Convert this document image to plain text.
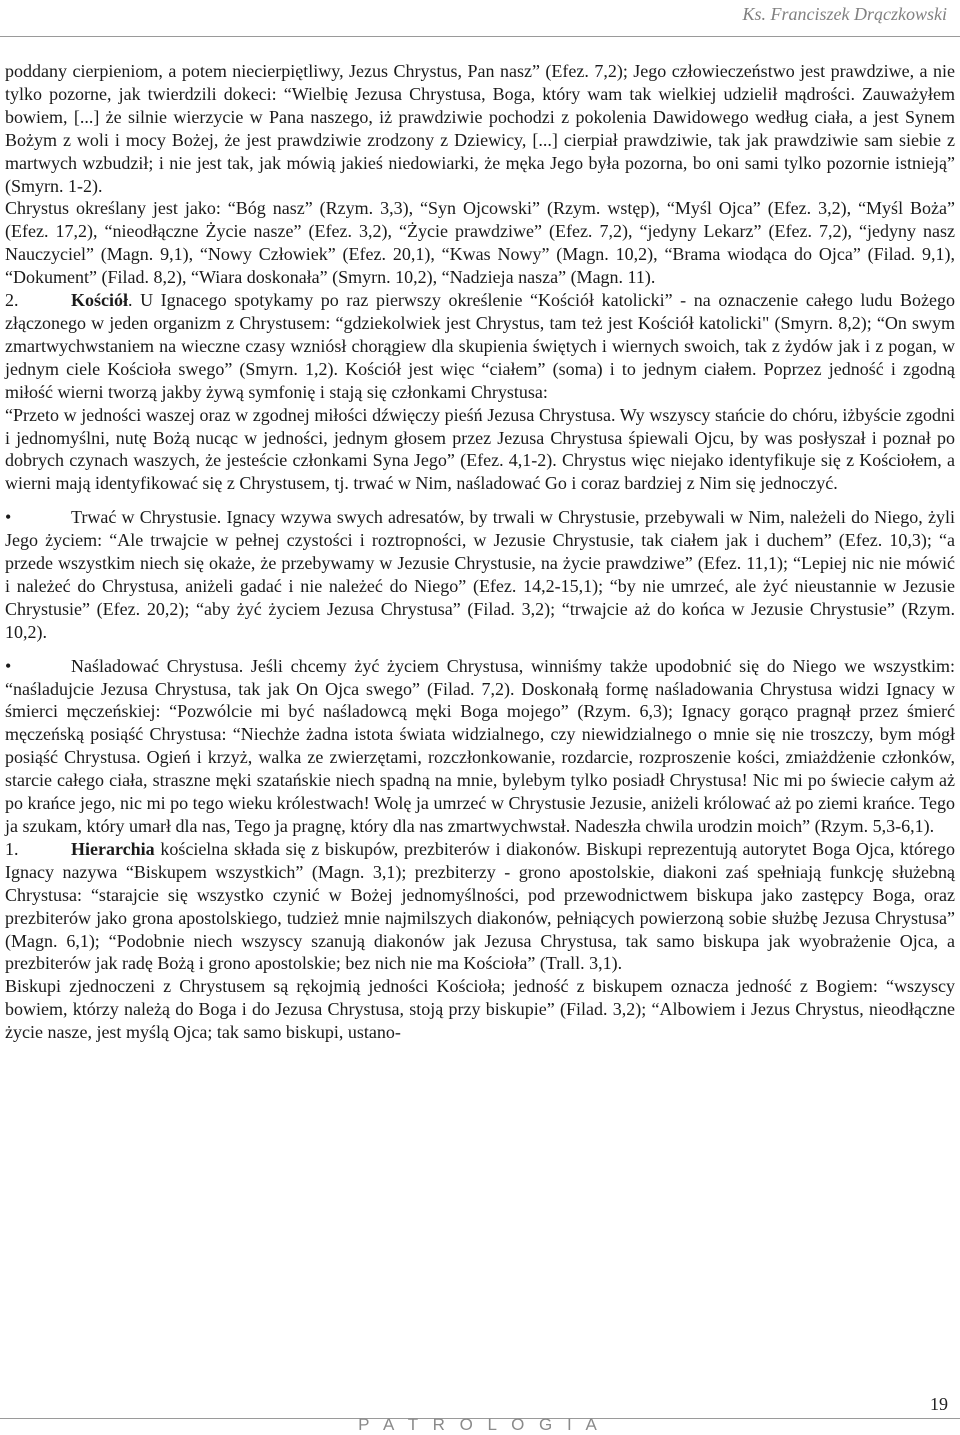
Ks. Franciszek Drączkowski

poddany cierpieniom, a potem niecierpiętliwy, Jezus Chrystus, Pan nasz” (Efez. 7,2); Jego człowieczeństwo jest prawdziwe, a nie tylko pozorne, jak twierdzili dokeci: “Wielbię Jezusa Chrystusa, Boga, który wam tak wielkiej udzielił mądrości. Zauważyłem bowiem, [...] że silnie wierzycie w Pana naszego, iż prawdziwie pochodzi z pokolenia Dawidowego według ciała, a jest Synem Bożym z woli i mocy Bożej, że jest prawdziwie zrodzony z Dziewicy, [...] cierpiał prawdziwie, tak jak prawdziwie sam siebie z martwych wzbudził; i nie jest tak, jak mówią jakieś niedowiarki, że męka Jego była pozorna, bo oni sami tylko pozornie istnieją” (Smyrn. 1-2).

Chrystus określany jest jako: “Bóg nasz” (Rzym. 3,3), “Syn Ojcowski” (Rzym. wstęp), “Myśl Ojca” (Efez. 3,2), “Myśl Boża” (Efez. 17,2), “nieodłączne Życie nasze” (Efez. 3,2), “Życie prawdziwe” (Efez. 7,2), “jedyny Lekarz” (Efez. 7,2), “jedyny nasz Nauczyciel” (Magn. 9,1), “Nowy Człowiek” (Efez. 20,1), “Kwas Nowy” (Magn. 10,2), “Brama wiodąca do Ojca” (Filad. 9,1), “Dokument” (Filad. 8,2), “Wiara doskonała” (Smyrn. 10,2), “Nadzieja nasza” (Magn. 11).

2.	Kościół. U Ignacego spotykamy po raz pierwszy określenie “Kościół katolicki” - na oznaczenie całego ludu Bożego złączonego w jeden organizm z Chrystusem: “gdziekolwiek jest Chrystus, tam też jest Kościół katolicki" (Smyrn. 8,2); “On swym zmartwychwstaniem na wieczne czasy wzniósł chorągiew dla skupienia świętych i wiernych swoich, tak z żydów jak i z pogan, w jednym ciele Kościoła swego” (Smyrn. 1,2). Kościół jest więc “ciałem” (soma) i to jednym ciałem. Poprzez jedność i zgodną miłość wierni tworzą jakby żywą symfonię i stają się członkami Chrystusa:

“Przeto w jedności waszej oraz w zgodnej miłości dźwięczy pieśń Jezusa Chrystusa. Wy wszyscy stańcie do chóru, iżbyście zgodni i jednomyślni, nutę Bożą nucąc w jedności, jednym głosem przez Jezusa Chrystusa śpiewali Ojcu, by was posłyszał i poznał po dobrych czynach waszych, że jesteście członkami Syna Jego” (Efez. 4,1-2). Chrystus więc niejako identyfikuje się z Kościołem, a wierni mają identyfikować się z Chrystusem, tj. trwać w Nim, naśladować Go i coraz bardziej z Nim się jednoczyć.

•	Trwać w Chrystusie. Ignacy wzywa swych adresatów, by trwali w Chrystusie, przebywali w Nim, należeli do Niego, żyli Jego życiem: “Ale trwajcie w pełnej czystości i roztropności, w Jezusie Chrystusie, tak ciałem jak i duchem” (Efez. 10,3); “a przede wszystkim niech się okaże, że przebywamy w Jezusie Chrystusie, na życie prawdziwe” (Efez. 11,1); “Lepiej nic nie mówić i należeć do Chrystusa, aniżeli gadać i nie należeć do Niego” (Efez. 14,2-15,1); “by nie umrzeć, ale żyć nieustannie w Jezusie Chrystusie” (Efez. 20,2); “aby żyć życiem Jezusa Chrystusa” (Filad. 3,2); “trwajcie aż do końca w Jezusie Chrystusie” (Rzym. 10,2).

•	Naśladować Chrystusa. Jeśli chcemy żyć życiem Chrystusa, winniśmy także upodobnić się do Niego we wszystkim: “naśladujcie Jezusa Chrystusa, tak jak On Ojca swego” (Filad. 7,2). Doskonałą formę naśladowania Chrystusa widzi Ignacy w śmierci męczeńskiej: “Pozwólcie mi być naśladowcą męki Boga mojego” (Rzym. 6,3); Ignacy gorąco pragnął przez śmierć męczeńską posiąść Chrystusa: “Niechże żadna istota świata widzialnego, czy niewidzialnego o mnie się nie troszczy, bym mógł posiąść Chrystusa. Ogień i krzyż, walka ze zwierzętami, rozczłonkowanie, rozdarcie, rozproszenie kości, zmiażdżenie członków, starcie całego ciała, straszne męki szatańskie niech spadną na mnie, bylebym tylko posiadł Chrystusa! Nic mi po świecie całym aż po krańce jego, nic mi po tego wieku królestwach! Wolę ja umrzeć w Chrystusie Jezusie, aniżeli królować aż po ziemi krańce. Tego ja szukam, który umarł dla nas, Tego ja pragnę, który dla nas zmartwychwstał. Nadeszła chwila urodzin moich” (Rzym. 5,3-6,1).

1.	Hierarchia kościelna składa się z biskupów, prezbiterów i diakonów. Biskupi reprezentują autorytet Boga Ojca, którego Ignacy nazywa “Biskupem wszystkich” (Magn. 3,1); prezbiterzy - grono apostolskie, diakoni zaś spełniają funkcję służebną Chrystusa: “starajcie się wszystko czynić w Bożej jednomyślności, pod przewodnictwem biskupa jako zastępcy Boga, oraz prezbiterów jako grona apostolskiego, tudzież mnie najmilszych diakonów, pełniących powierzoną sobie służbę Jezusa Chrystusa” (Magn. 6,1); “Podobnie niech wszyscy szanują diakonów jak Jezusa Chrystusa, tak samo biskupa jak wyobrażenie Ojca, a prezbiterów jak radę Bożą i grono apostolskie; bez nich nie ma Kościoła” (Trall. 3,1).

Biskupi zjednoczeni z Chrystusem są rękojmią jedności Kościoła; jedność z biskupem oznacza jedność z Bogiem: “wszyscy bowiem, którzy należą do Boga i do Jezusa Chrystusa, stoją przy biskupie” (Filad. 3,2); “Albowiem i Jezus Chrystus, nieodłączne życie nasze, jest myślą Ojca; tak samo biskupi, ustano-

19
P A T R O L O G I A
